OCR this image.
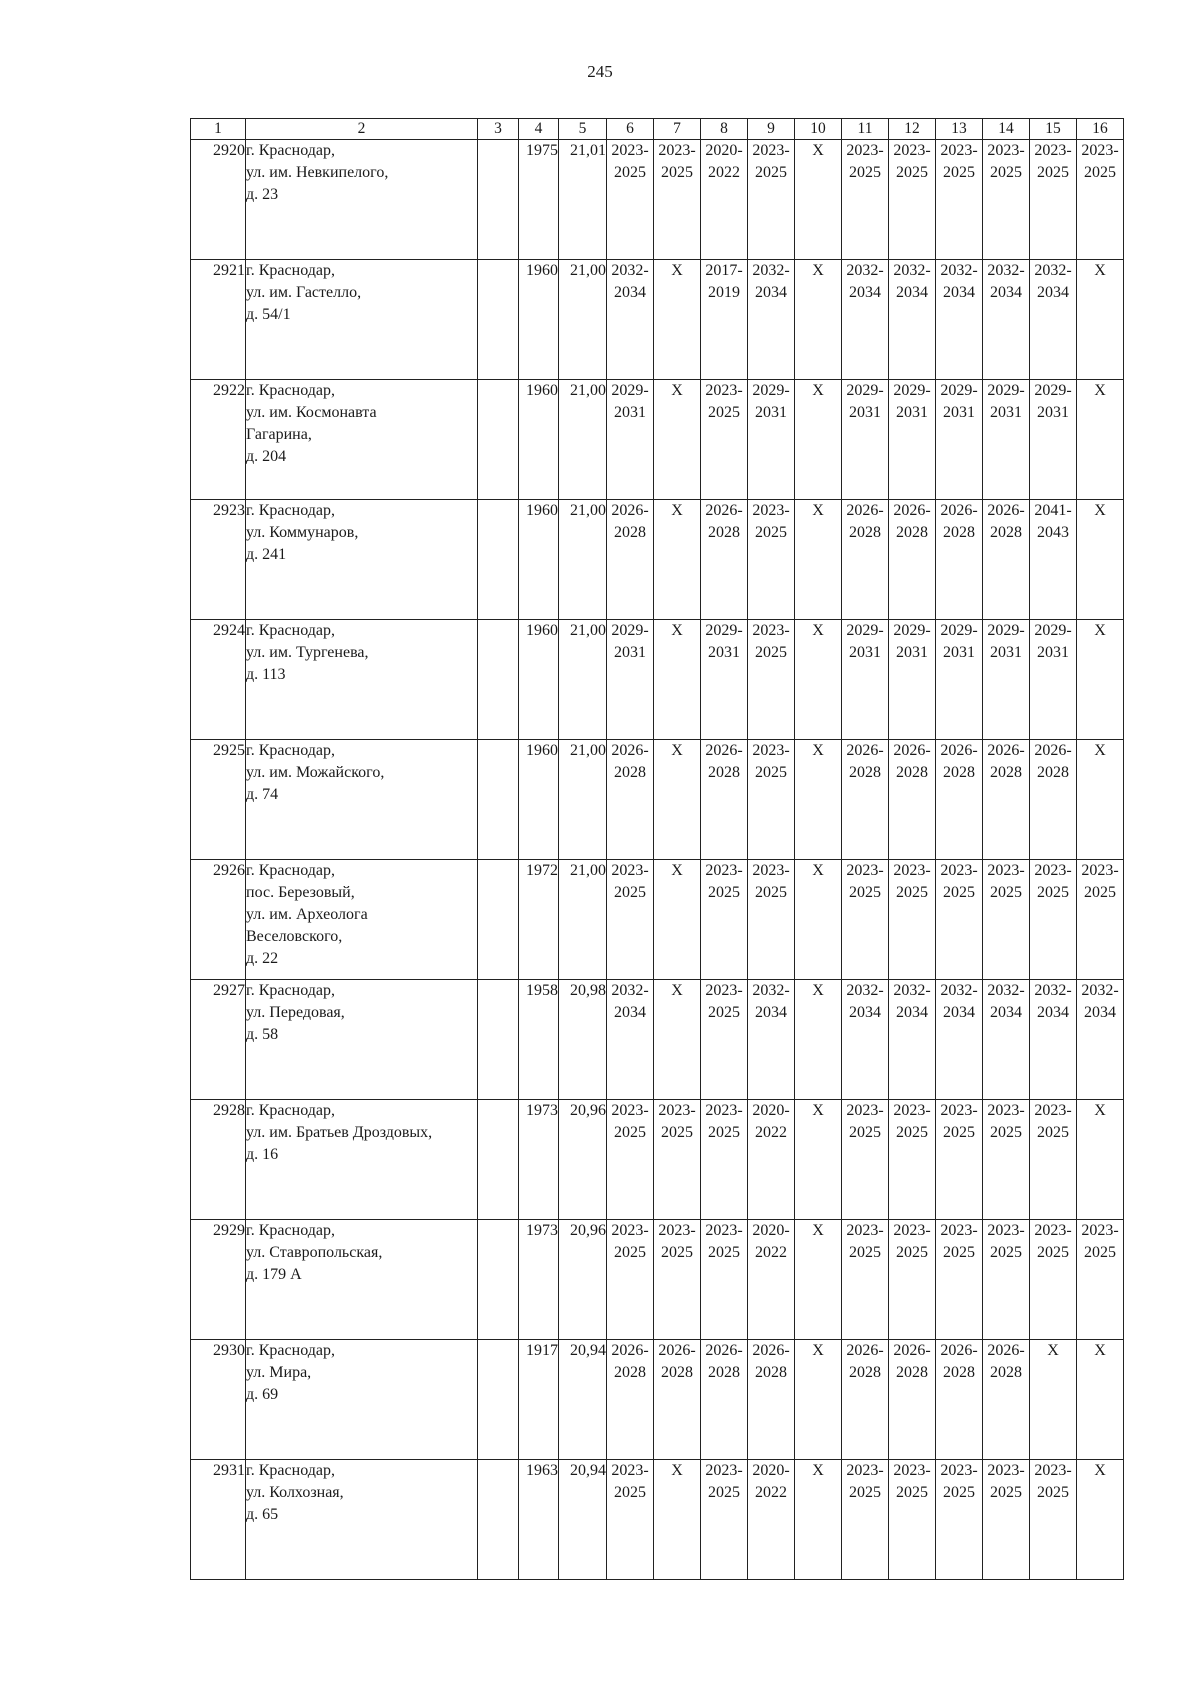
245
1	2	3	4	5	6	7	8	9	10	11	12	13	14	15	16

2920	г. Краснодар,
ул. им. Невкипелого,
д. 23		1975	21,01	2023-
2025	2023-
2025	2020-
2022	2023-
2025	X	2023-
2025	2023-
2025	2023-
2025	2023-
2025	2023-
2025	2023-
2025

2921	г. Краснодар,
ул. им. Гастелло,
д. 54/1		1960	21,00	2032-
2034	X	2017-
2019	2032-
2034	X	2032-
2034	2032-
2034	2032-
2034	2032-
2034	2032-
2034	X

2922	г. Краснодар,
ул. им. Космонавта
Гагарина,
д. 204		1960	21,00	2029-
2031	X	2023-
2025	2029-
2031	X	2029-
2031	2029-
2031	2029-
2031	2029-
2031	2029-
2031	X

2923	г. Краснодар,
ул. Коммунаров,
д. 241		1960	21,00	2026-
2028	X	2026-
2028	2023-
2025	X	2026-
2028	2026-
2028	2026-
2028	2026-
2028	2041-
2043	X

2924	г. Краснодар,
ул. им. Тургенева,
д. 113		1960	21,00	2029-
2031	X	2029-
2031	2023-
2025	X	2029-
2031	2029-
2031	2029-
2031	2029-
2031	2029-
2031	X

2925	г. Краснодар,
ул. им. Можайского,
д. 74		1960	21,00	2026-
2028	X	2026-
2028	2023-
2025	X	2026-
2028	2026-
2028	2026-
2028	2026-
2028	2026-
2028	X

2926	г. Краснодар,
пос. Березовый,
ул. им. Археолога
Веселовского,
д. 22		1972	21,00	2023-
2025	X	2023-
2025	2023-
2025	X	2023-
2025	2023-
2025	2023-
2025	2023-
2025	2023-
2025	2023-
2025

2927	г. Краснодар,
ул. Передовая,
д. 58		1958	20,98	2032-
2034	X	2023-
2025	2032-
2034	X	2032-
2034	2032-
2034	2032-
2034	2032-
2034	2032-
2034	2032-
2034

2928	г. Краснодар,
ул. им. Братьев Дроздовых,
д. 16		1973	20,96	2023-
2025	2023-
2025	2023-
2025	2020-
2022	X	2023-
2025	2023-
2025	2023-
2025	2023-
2025	2023-
2025	X

2929	г. Краснодар,
ул. Ставропольская,
д. 179 А		1973	20,96	2023-
2025	2023-
2025	2023-
2025	2020-
2022	X	2023-
2025	2023-
2025	2023-
2025	2023-
2025	2023-
2025	2023-
2025

2930	г. Краснодар,
ул. Мира,
д. 69		1917	20,94	2026-
2028	2026-
2028	2026-
2028	2026-
2028	X	2026-
2028	2026-
2028	2026-
2028	2026-
2028	X	X

2931	г. Краснодар,
ул. Колхозная,
д. 65		1963	20,94	2023-
2025	X	2023-
2025	2020-
2022	X	2023-
2025	2023-
2025	2023-
2025	2023-
2025	2023-
2025	X
